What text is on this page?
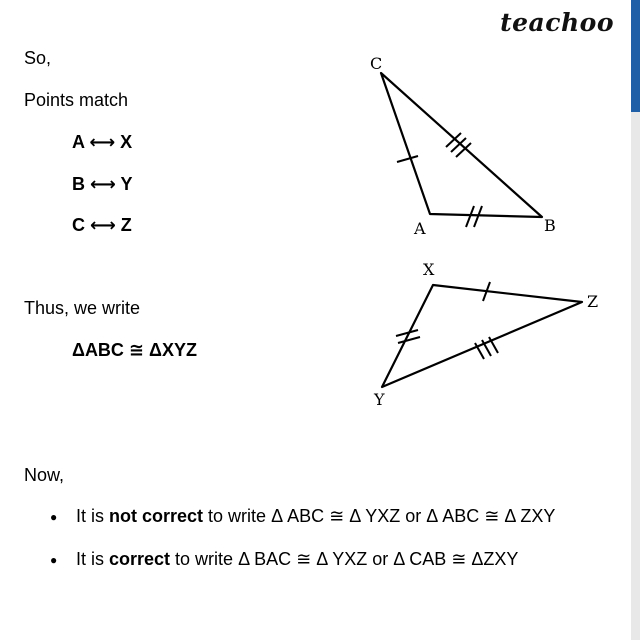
teachoo
So,
Points match
A ⟷ X
B ⟷ Y
C ⟷ Z
Thus, we write
ΔABC ≅ ΔXYZ
Now,
● It is not correct to write Δ ABC ≅ Δ YXZ or Δ ABC ≅ Δ ZXY
● It is correct to write Δ BAC ≅ Δ YXZ or Δ CAB ≅ ΔZXY
C
A	B
X
Z
Y
